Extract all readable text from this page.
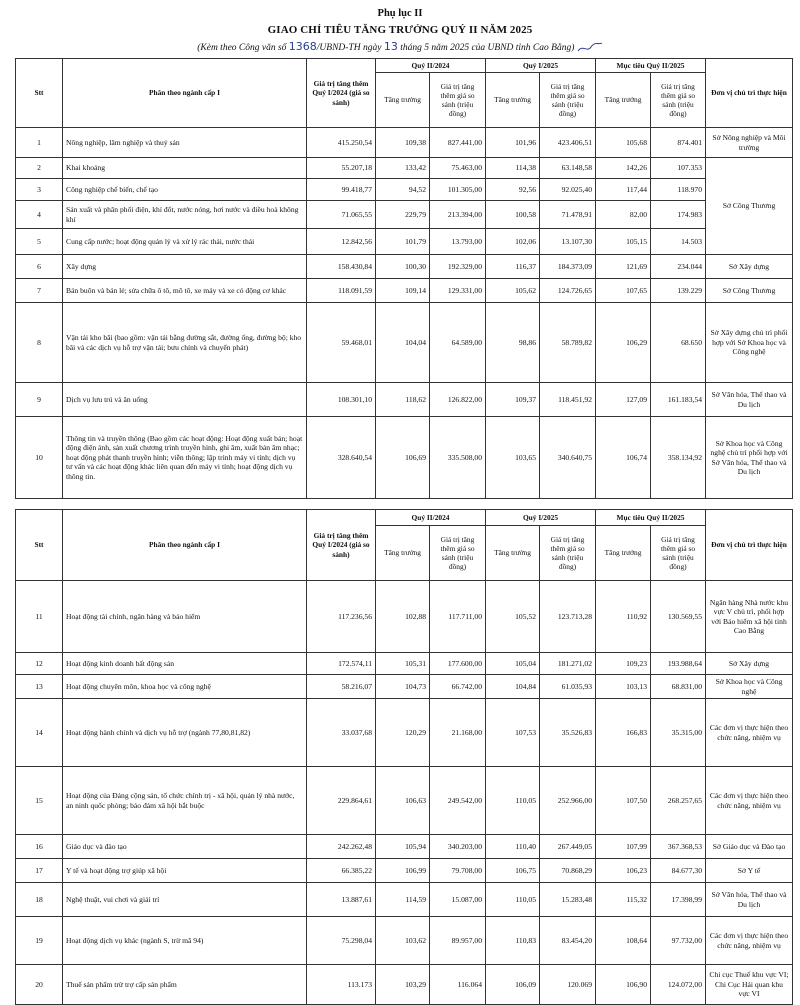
Phụ lục II
GIAO CHỈ TIÊU TĂNG TRƯỞNG QUÝ II NĂM 2025
(Kèm theo Công văn số 1368/UBND-TH ngày 13 tháng 5 năm 2025 của UBND tỉnh Cao Bằng)
Stt	Phân theo ngành cấp I	Giá trị tăng thêm Quý I/2024 (giá so sánh)	Quý II/2024		Quý I/2025		Mục tiêu Quý II/2025		Đơn vị chủ trì thực hiện
			Tăng trưởng	Giá trị tăng thêm giá so sánh (triệu đồng)	Tăng trưởng	Giá trị tăng thêm giá so sánh (triệu đồng)	Tăng trưởng	Giá trị tăng thêm giá so sánh (triệu đồng)	
1	Nông nghiệp, lâm nghiệp và thuỷ sản	415.250,54	109,38	827.441,00	101,96	423.406,51	105,68	874.401	Sở Nông nghiệp và Môi trường
2	Khai khoáng	55.207,18	133,42	75.463,00	114,38	63.148,58	142,26	107.353	Sở Công Thương
3	Công nghiệp chế biến, chế tạo	99.418,77	94,52	101.305,00	92,56	92.025,40	117,44	118.970	
4	Sản xuất và phân phối điện, khí đốt, nước nóng, hơi nước và điều hoà không khí	71.065,55	229,79	213.394,00	100,58	71.478,91	82,00	174.983	
5	Cung cấp nước; hoạt động quản lý và xử lý rác thải, nước thải	12.842,56	101,79	13.793,00	102,06	13.107,30	105,15	14.503	
6	Xây dựng	158.430,84	100,30	192.329,00	116,37	184.373,09	121,69	234.044	Sở Xây dựng
7	Bán buôn và bán lẻ; sửa chữa ô tô, mô tô, xe máy và xe có động cơ khác	118.091,59	109,14	129.331,00	105,62	124.726,65	107,65	139.229	Sở Công Thương
8	Vận tải kho bãi (bao gồm: vận tải bằng đường sắt, đường ống, đường bộ; kho bãi và các dịch vụ hỗ trợ vận tải; bưu chính và chuyển phát)	59.468,01	104,04	64.589,00	98,86	58.789,82	106,29	68.650	Sở Xây dựng chủ trì phối hợp với Sở Khoa học và Công nghệ
9	Dịch vụ lưu trú và ăn uống	108.301,10	118,62	126.822,00	109,37	118.451,92	127,09	161.183,54	Sở Văn hóa, Thể thao và Du lịch
10	Thông tin và truyền thông (Bao gồm các hoạt động: Hoạt động xuất bản; hoạt động điện ảnh, sản xuất chương trình truyền hình, ghi âm, xuất bản âm nhạc; hoạt động phát thanh truyền hình; viễn thông; lập trình máy vi tính; dịch vụ tư vấn và các hoạt động khác liên quan đến máy vi tính; hoạt động dịch vụ thông tin.	328.640,54	106,69	335.508,00	103,65	340.640,75	106,74	358.134,92	Sở Khoa học và Công nghệ chủ trì phối hợp với Sở Văn hóa, Thể thao và Du lịch
Stt	Phân theo ngành cấp I	Giá trị tăng thêm Quý I/2024 (giá so sánh)	Quý II/2024		Quý I/2025		Mục tiêu Quý II/2025		Đơn vị chủ trì thực hiện
			Tăng trưởng	Giá trị tăng thêm giá so sánh (triệu đồng)	Tăng trưởng	Giá trị tăng thêm giá so sánh (triệu đồng)	Tăng trưởng	Giá trị tăng thêm giá so sánh (triệu đồng)	
11	Hoạt động tài chính, ngân hàng và bảo hiểm	117.236,56	102,88	117.711,00	105,52	123.713,28	110,92	130.569,55	Ngân hàng Nhà nước khu vực V chủ trì, phối hợp với Bảo hiểm xã hội tỉnh Cao Bằng
12	Hoạt động kinh doanh bất động sản	172.574,11	105,31	177.600,00	105,04	181.271,02	109,23	193.988,64	Sở Xây dựng
13	Hoạt động chuyên môn, khoa học và công nghệ	58.216,07	104,73	66.742,00	104,84	61.035,93	103,13	68.831,00	Sở Khoa học và Công nghệ
14	Hoạt động hành chính và dịch vụ hỗ trợ (ngành 77,80,81,82)	33.037,68	120,29	21.168,00	107,53	35.526,83	166,83	35.315,00	Các đơn vị thực hiện theo chức năng, nhiệm vụ
15	Hoạt động của Đảng cộng sản, tổ chức chính trị - xã hội, quản lý nhà nước, an ninh quốc phòng; bảo đảm xã hội bắt buộc	229.864,61	106,63	249.542,00	110,05	252.966,00	107,50	268.257,65	Các đơn vị thực hiện theo chức năng, nhiệm vụ
16	Giáo dục và đào tạo	242.262,48	105,94	340.203,00	110,40	267.449,05	107,99	367.368,53	Sở Giáo dục và Đào tạo
17	Y tế và hoạt động trợ giúp xã hội	66.385,22	106,99	79.708,00	106,75	70.868,29	106,23	84.677,30	Sở Y tế
18	Nghệ thuật, vui chơi và giải trí	13.887,61	114,59	15.087,00	110,05	15.283,48	115,32	17.398,99	Sở Văn hóa, Thể thao và Du lịch
19	Hoạt động dịch vụ khác (ngành S, trừ mã 94)	75.298,04	103,62	89.957,00	110,83	83.454,20	108,64	97.732,00	Các đơn vị thực hiện theo chức năng, nhiệm vụ
20	Thuế sản phẩm trừ trợ cấp sản phẩm	113.173	103,29	116.064	106,09	120.069	106,90	124.072,00	Chi cục Thuế khu vực VI; Chi Cục Hải quan khu vực VI
